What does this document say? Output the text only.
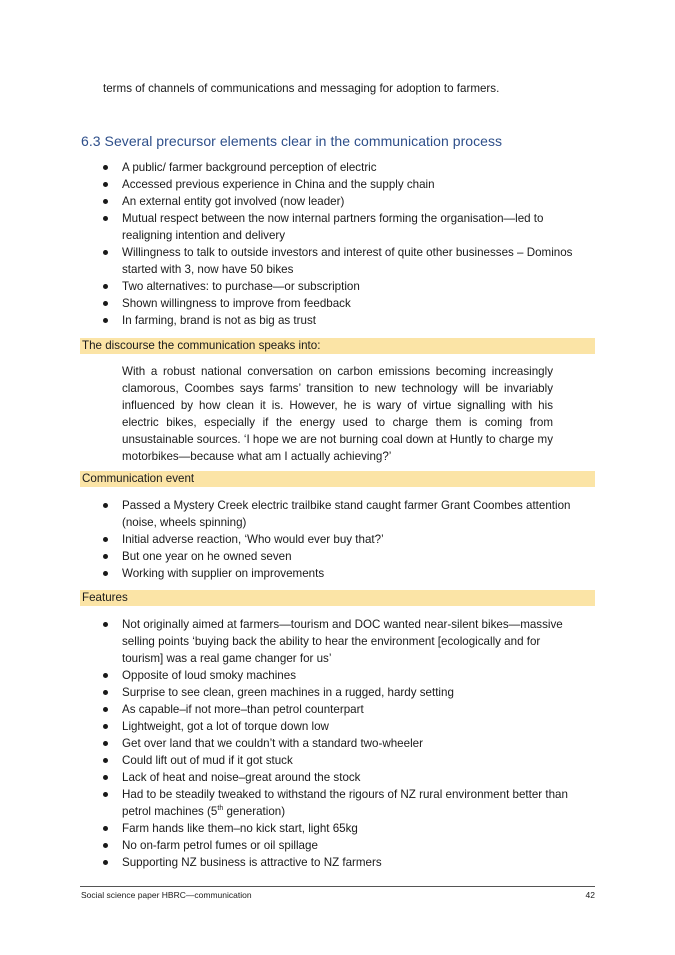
terms of channels of communications and messaging for adoption to farmers.
6.3 Several precursor elements clear in the communication process
A public/ farmer background perception of electric
Accessed previous experience in China and the supply chain
An external entity got involved (now leader)
Mutual respect between the now internal partners forming the organisation—led to realigning intention and delivery
Willingness to talk to outside investors and interest of quite other businesses – Dominos started with 3, now have 50 bikes
Two alternatives: to purchase—or subscription
Shown willingness to improve from feedback
In farming, brand is not as big as trust
The discourse the communication speaks into:
With a robust national conversation on carbon emissions becoming increasingly clamorous, Coombes says farms’ transition to new technology will be invariably influenced by how clean it is. However, he is wary of virtue signalling with his electric bikes, especially if the energy used to charge them is coming from unsustainable sources. ‘I hope we are not burning coal down at Huntly to charge my motorbikes—because what am I actually achieving?’
Communication event
Passed a Mystery Creek electric trailbike stand caught farmer Grant Coombes attention (noise, wheels spinning)
Initial adverse reaction, ‘Who would ever buy that?’
But one year on he owned seven
Working with supplier on improvements
Features
Not originally aimed at farmers—tourism and DOC wanted near-silent bikes—massive selling points ‘buying back the ability to hear the environment [ecologically and for tourism] was a real game changer for us’
Opposite of loud smoky machines
Surprise to see clean, green machines in a rugged, hardy setting
As capable–if not more–than petrol counterpart
Lightweight, got a lot of torque down low
Get over land that we couldn’t with a standard two-wheeler
Could lift out of mud if it got stuck
Lack of heat and noise–great around the stock
Had to be steadily tweaked to withstand the rigours of NZ rural environment better than petrol machines (5th generation)
Farm hands like them–no kick start, light 65kg
No on-farm petrol fumes or oil spillage
Supporting NZ business is attractive to NZ farmers
Social science paper HBRC—communication	42
